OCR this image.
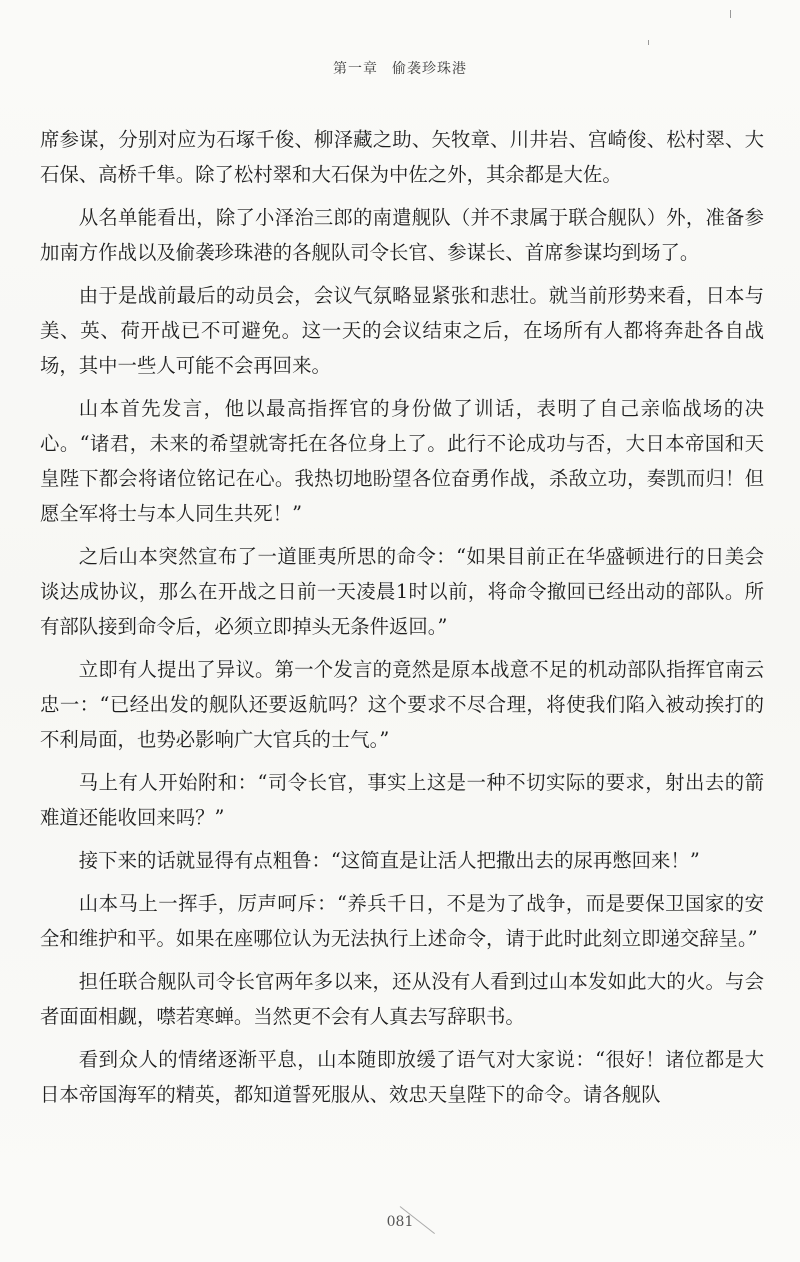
第一章 偷袭珍珠港

席参谋，分别对应为石塚千俊、柳泽藏之助、矢牧章、川井岩、宫崎俊、松村翠、大石保、高桥千隼。除了松村翠和大石保为中佐之外，其余都是大佐。

从名单能看出，除了小泽治三郎的南遣舰队（并不隶属于联合舰队）外，准备参加南方作战以及偷袭珍珠港的各舰队司令长官、参谋长、首席参谋均到场了。

由于是战前最后的动员会，会议气氛略显紧张和悲壮。就当前形势来看，日本与美、英、荷开战已不可避免。这一天的会议结束之后，在场所有人都将奔赴各自战场，其中一些人可能不会再回来。

山本首先发言，他以最高指挥官的身份做了训话，表明了自己亲临战场的决心。“诸君，未来的希望就寄托在各位身上了。此行不论成功与否，大日本帝国和天皇陛下都会将诸位铭记在心。我热切地盼望各位奋勇作战，杀敌立功，奏凯而归！但愿全军将士与本人同生共死！”

之后山本突然宣布了一道匪夷所思的命令：“如果目前正在华盛顿进行的日美会谈达成协议，那么在开战之日前一天凌晨1时以前，将命令撤回已经出动的部队。所有部队接到命令后，必须立即掉头无条件返回。”

立即有人提出了异议。第一个发言的竟然是原本战意不足的机动部队指挥官南云忠一：“已经出发的舰队还要返航吗？这个要求不尽合理，将使我们陷入被动挨打的不利局面，也势必影响广大官兵的士气。”

马上有人开始附和：“司令长官，事实上这是一种不切实际的要求，射出去的箭难道还能收回来吗？”

接下来的话就显得有点粗鲁：“这简直是让活人把撒出去的尿再憋回来！”

山本马上一挥手，厉声呵斥：“养兵千日，不是为了战争，而是要保卫国家的安全和维护和平。如果在座哪位认为无法执行上述命令，请于此时此刻立即递交辞呈。”

担任联合舰队司令长官两年多以来，还从没有人看到过山本发如此大的火。与会者面面相觑，噤若寒蝉。当然更不会有人真去写辞职书。

看到众人的情绪逐渐平息，山本随即放缓了语气对大家说：“很好！诸位都是大日本帝国海军的精英，都知道誓死服从、效忠天皇陛下的命令。请各舰队

081
